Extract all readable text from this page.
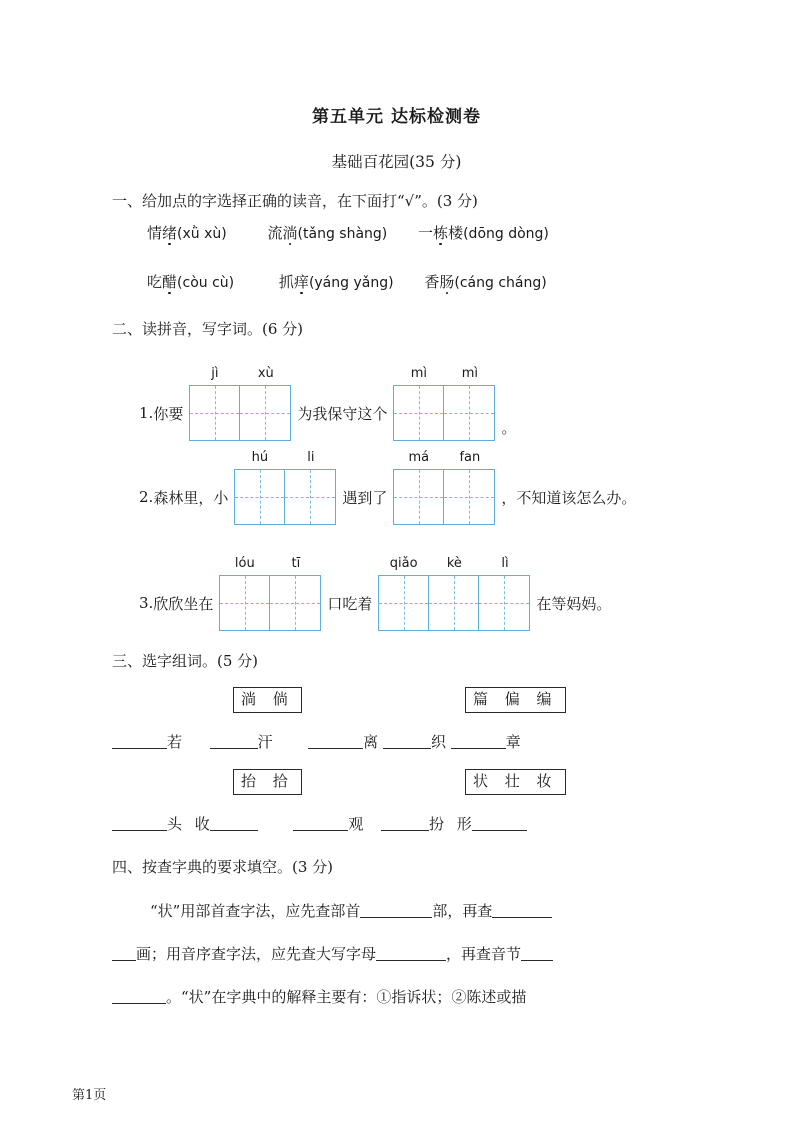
第五单元 达标检测卷
基础百花园(35 分)
一、给加点的字选择正确的读音，在下面打“√”。(3 分)
情绪(xǜ xù)	流淌(tǎng shàng) 一栋楼(dōng dòng)
吃醋(còu cù)	抓痒(yáng yǎng) 香肠(cáng cháng)
二、读拼音，写字词。(6 分)
1. 你要
jì	xù
为我保守这个
mì	mì
。
2. 森林里，小
hú	li
遇到了
má	fan
，不知道该怎么办。
3. 欣欣坐在
lóu	tī
口吃着
qiǎo	kè	lì
在等妈妈。
三、选字组词。(5 分)
淌 倘	篇 偏 编
若	汗	离	织	章
抬 拾	状 壮 妆
头 收	观	扮 形
四、按查字典的要求填空。(3 分)
“状”用部首查字法，应先查部首	部，再查
画；用音序查字法，应先查大写字母	，再查音节
。“状”在字典中的解释主要有：①指诉状；②陈述或描
第1页
